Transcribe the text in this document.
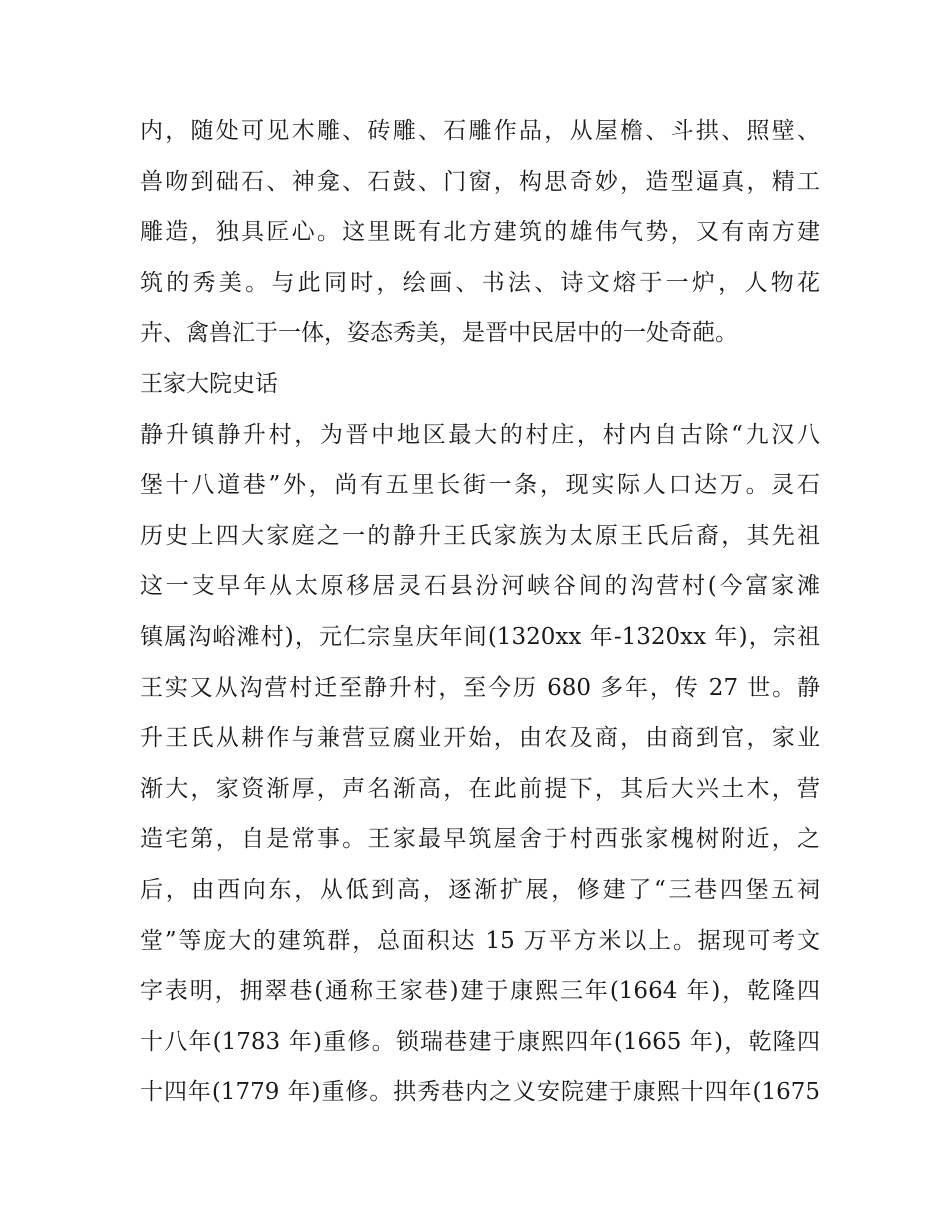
内，随处可见木雕、砖雕、石雕作品，从屋檐、斗拱、照壁、
兽吻到础石、神龛、石鼓、门窗，构思奇妙，造型逼真，精工
雕造，独具匠心。这里既有北方建筑的雄伟气势，又有南方建
筑的秀美。与此同时，绘画、书法、诗文熔于一炉，人物花
卉、禽兽汇于一体，姿态秀美，是晋中民居中的一处奇葩。
王家大院史话
静升镇静升村，为晋中地区最大的村庄，村内自古除“九汉八
堡十八道巷”外，尚有五里长街一条，现实际人口达万。灵石
历史上四大家庭之一的静升王氏家族为太原王氏后裔，其先祖
这一支早年从太原移居灵石县汾河峡谷间的沟营村(今富家滩
镇属沟峪滩村)，元仁宗皇庆年间(1320xx 年-1320xx 年)，宗祖
王实又从沟营村迁至静升村，至今历 680 多年，传 27 世。静
升王氏从耕作与兼营豆腐业开始，由农及商，由商到官，家业
渐大，家资渐厚，声名渐高，在此前提下，其后大兴土木，营
造宅第，自是常事。王家最早筑屋舍于村西张家槐树附近，之
后，由西向东，从低到高，逐渐扩展，修建了“三巷四堡五祠
堂”等庞大的建筑群，总面积达 15 万平方米以上。据现可考文
字表明，拥翠巷(通称王家巷)建于康熙三年(1664 年)，乾隆四
十八年(1783 年)重修。锁瑞巷建于康熙四年(1665 年)，乾隆四
十四年(1779 年)重修。拱秀巷内之义安院建于康熙十四年(1675
